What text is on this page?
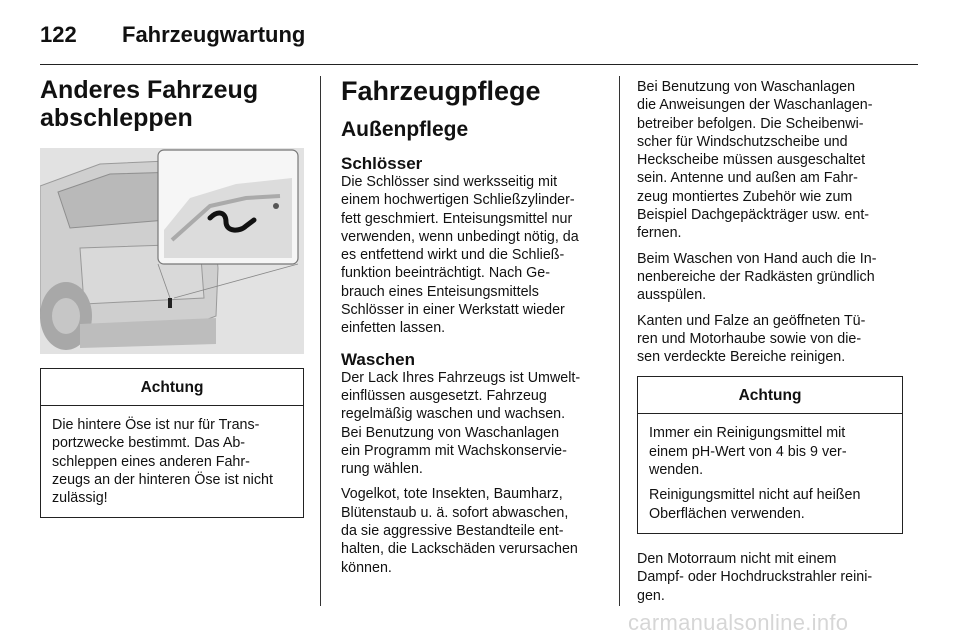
122 Fahrzeugwartung
Anderes Fahrzeug
abschleppen
Achtung

Die hintere Öse ist nur für Trans-
portzwecke bestimmt. Das Ab-
schleppen eines anderen Fahr-
zeugs an der hinteren Öse ist nicht
zulässig!

Fahrzeugpflege
Außenpflege
Schlösser

Die Schlösser sind werksseitig mit
einem hochwertigen Schließzylinder-
fett geschmiert. Enteisungsmittel nur
verwenden, wenn unbedingt nötig, da
es entfettend wirkt und die Schließ-
funktion beeinträchtigt. Nach Ge-
brauch eines Enteisungsmittels
Schlösser in einer Werkstatt wieder
einfetten lassen.

Waschen

Der Lack Ihres Fahrzeugs ist Umwelt-
einflüssen ausgesetzt. Fahrzeug
regelmäßig waschen und wachsen.
Bei Benutzung von Waschanlagen
ein Programm mit Wachskonservie-
rung wählen.

Vogelkot, tote Insekten, Baumharz,
Blütenstaub u. ä. sofort abwaschen,
da sie aggressive Bestandteile ent-
halten, die Lackschäden verursachen
können.

Bei Benutzung von Waschanlagen
die Anweisungen der Waschanlagen-
betreiber befolgen. Die Scheibenwi-
scher für Windschutzscheibe und
Heckscheibe müssen ausgeschaltet
sein. Antenne und außen am Fahr-
zeug montiertes Zubehör wie zum
Beispiel Dachgepäckträger usw. ent-
fernen.

Beim Waschen von Hand auch die In-
nenbereiche der Radkästen gründlich
ausspülen.

Kanten und Falze an geöffneten Tü-
ren und Motorhaube sowie von die-
sen verdeckte Bereiche reinigen.

Achtung

Immer ein Reinigungsmittel mit
einem pH-Wert von 4 bis 9 ver-
wenden.

Reinigungsmittel nicht auf heißen
Oberflächen verwenden.

Den Motorraum nicht mit einem
Dampf- oder Hochdruckstrahler reini-
gen.

carmanualsonline.info
